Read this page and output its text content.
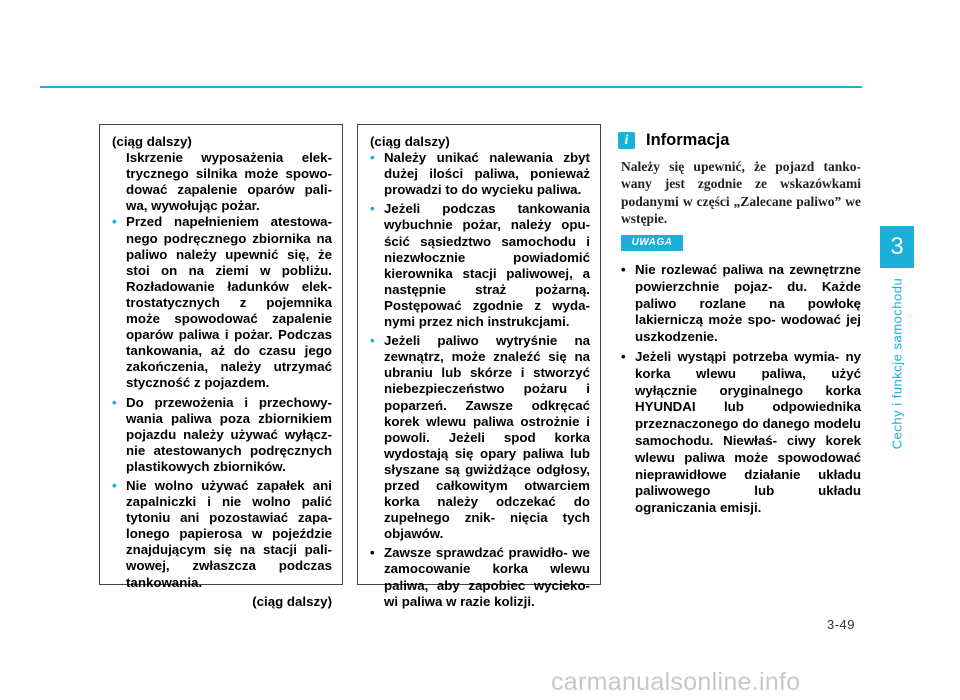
3
Cechy i funkcje samochodu
(ciąg dalszy)

Iskrzenie wyposażenia elek- trycznego silnika może spowo- dować zapalenie oparów pali- wa, wywołując pożar.

• Przed napełnieniem atestowa- nego podręcznego zbiornika na paliwo należy upewnić się, że stoi on na ziemi w pobliżu. Rozładowanie ładunków elek- trostatycznych z pojemnika może spowodować zapalenie oparów paliwa i pożar. Podczas tankowania, aż do czasu jego zakończenia, należy utrzymać styczność z pojazdem.
• Do przewożenia i przechowy- wania paliwa poza zbiornikiem pojazdu należy używać wyłącz- nie atestowanych podręcznych plastikowych zbiorników.
• Nie wolno używać zapałek ani zapalniczki i nie wolno palić tytoniu ani pozostawiać zapa- lonego papierosa w pojeździe znajdującym się na stacji pali- wowej, zwłaszcza podczas tankowania.
(ciąg dalszy)
(ciąg dalszy)
• Należy unikać nalewania zbyt dużej ilości paliwa, ponieważ prowadzi to do wycieku paliwa.
• Jeżeli podczas tankowania wybuchnie pożar, należy opu- ścić sąsiedztwo samochodu i niezwłocznie powiadomić kierownika stacji paliwowej, a następnie straż pożarną. Postępować zgodnie z wyda- nymi przez nich instrukcjami.
• Jeżeli paliwo wytryśnie na zewnątrz, może znaleźć się na ubraniu lub skórze i stworzyć niebezpieczeństwo pożaru i poparzeń. Zawsze odkręcać korek wlewu paliwa ostrożnie i powoli. Jeżeli spod korka wydostają się opary paliwa lub słyszane są gwiżdżące odgłosy, przed całkowitym otwarciem korka należy odczekać do zupełnego znik- nięcia tych objawów.
• Zawsze sprawdzać prawidło- we zamocowanie korka wlewu paliwa, aby zapobiec wycieko- wi paliwa w razie kolizji.
i	Informacja

Należy się upewnić, że pojazd tanko- wany jest zgodnie ze wskazówkami podanymi w części „Zalecane paliwo” we wstępie.

UWAGA
• Nie rozlewać paliwa na zewnętrzne powierzchnie pojaz- du. Każde paliwo rozlane na powłokę lakierniczą może spo- wodować jej uszkodzenie.
• Jeżeli wystąpi potrzeba wymia- ny korka wlewu paliwa, użyć wyłącznie oryginalnego korka HYUNDAI lub odpowiednika przeznaczonego do danego modelu samochodu. Niewłaś- ciwy korek wlewu paliwa może spowodować nieprawidłowe działanie układu paliwowego lub układu ograniczania emisji.
3-49
carmanualsonline.info
